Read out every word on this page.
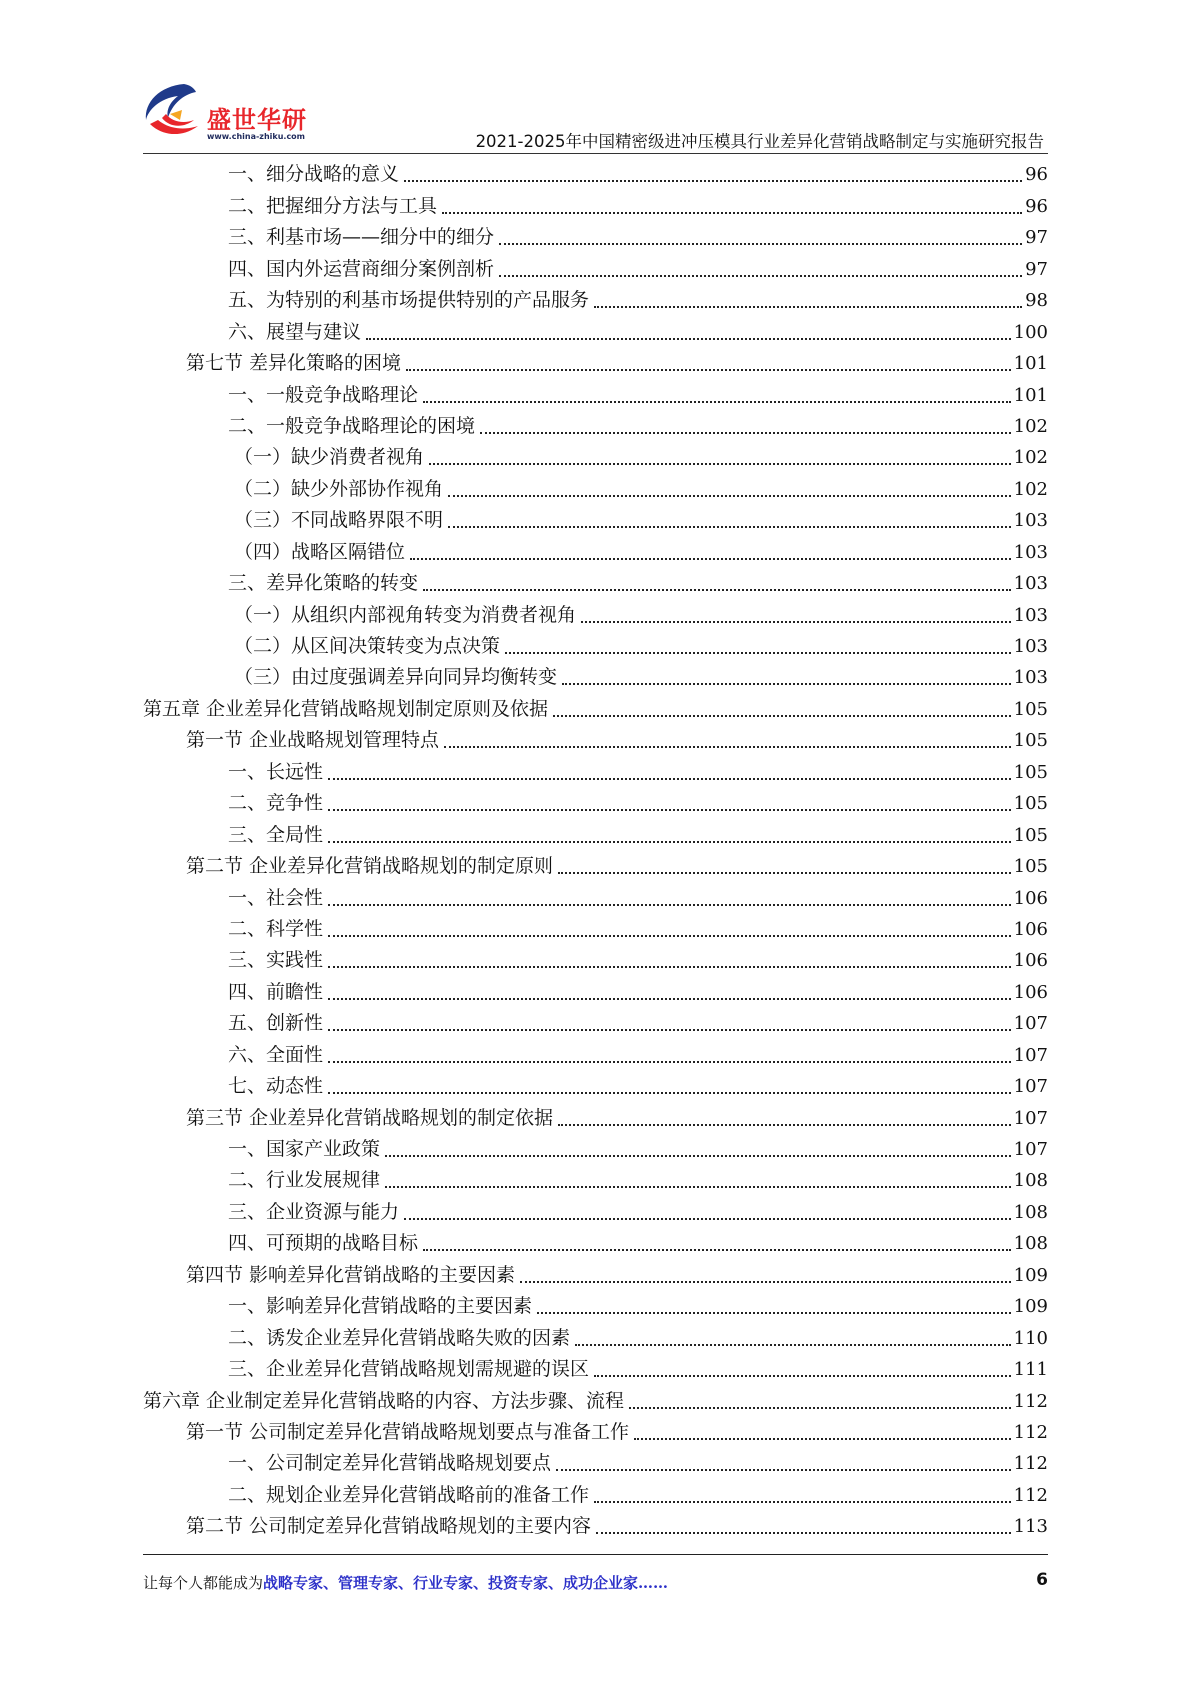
盛世华研
www.china-zhiku.com	2021-2025年中国精密级进冲压模具行业差异化营销战略制定与实施研究报告
一、细分战略的意义	96
二、把握细分方法与工具	96
三、利基市场——细分中的细分	97
四、国内外运营商细分案例剖析	97
五、为特别的利基市场提供特别的产品服务	98
六、展望与建议	100
第七节 差异化策略的困境	101
一、一般竞争战略理论	101
二、一般竞争战略理论的困境	102
（一）缺少消费者视角	102
（二）缺少外部协作视角	102
（三）不同战略界限不明	103
（四）战略区隔错位	103
三、差异化策略的转变	103
（一）从组织内部视角转变为消费者视角	103
（二）从区间决策转变为点决策	103
（三）由过度强调差异向同异均衡转变	103
第五章 企业差异化营销战略规划制定原则及依据	105
第一节 企业战略规划管理特点	105
一、长远性	105
二、竞争性	105
三、全局性	105
第二节 企业差异化营销战略规划的制定原则	105
一、社会性	106
二、科学性	106
三、实践性	106
四、前瞻性	106
五、创新性	107
六、全面性	107
七、动态性	107
第三节 企业差异化营销战略规划的制定依据	107
一、国家产业政策	107
二、行业发展规律	108
三、企业资源与能力	108
四、可预期的战略目标	108
第四节 影响差异化营销战略的主要因素	109
一、影响差异化营销战略的主要因素	109
二、诱发企业差异化营销战略失败的因素	110
三、企业差异化营销战略规划需规避的误区	111
第六章 企业制定差异化营销战略的内容、方法步骤、流程	112
第一节 公司制定差异化营销战略规划要点与准备工作	112
一、公司制定差异化营销战略规划要点	112
二、规划企业差异化营销战略前的准备工作	112
第二节 公司制定差异化营销战略规划的主要内容	113
让每个人都能成为战略专家、管理专家、行业专家、投资专家、成功企业家……	6
